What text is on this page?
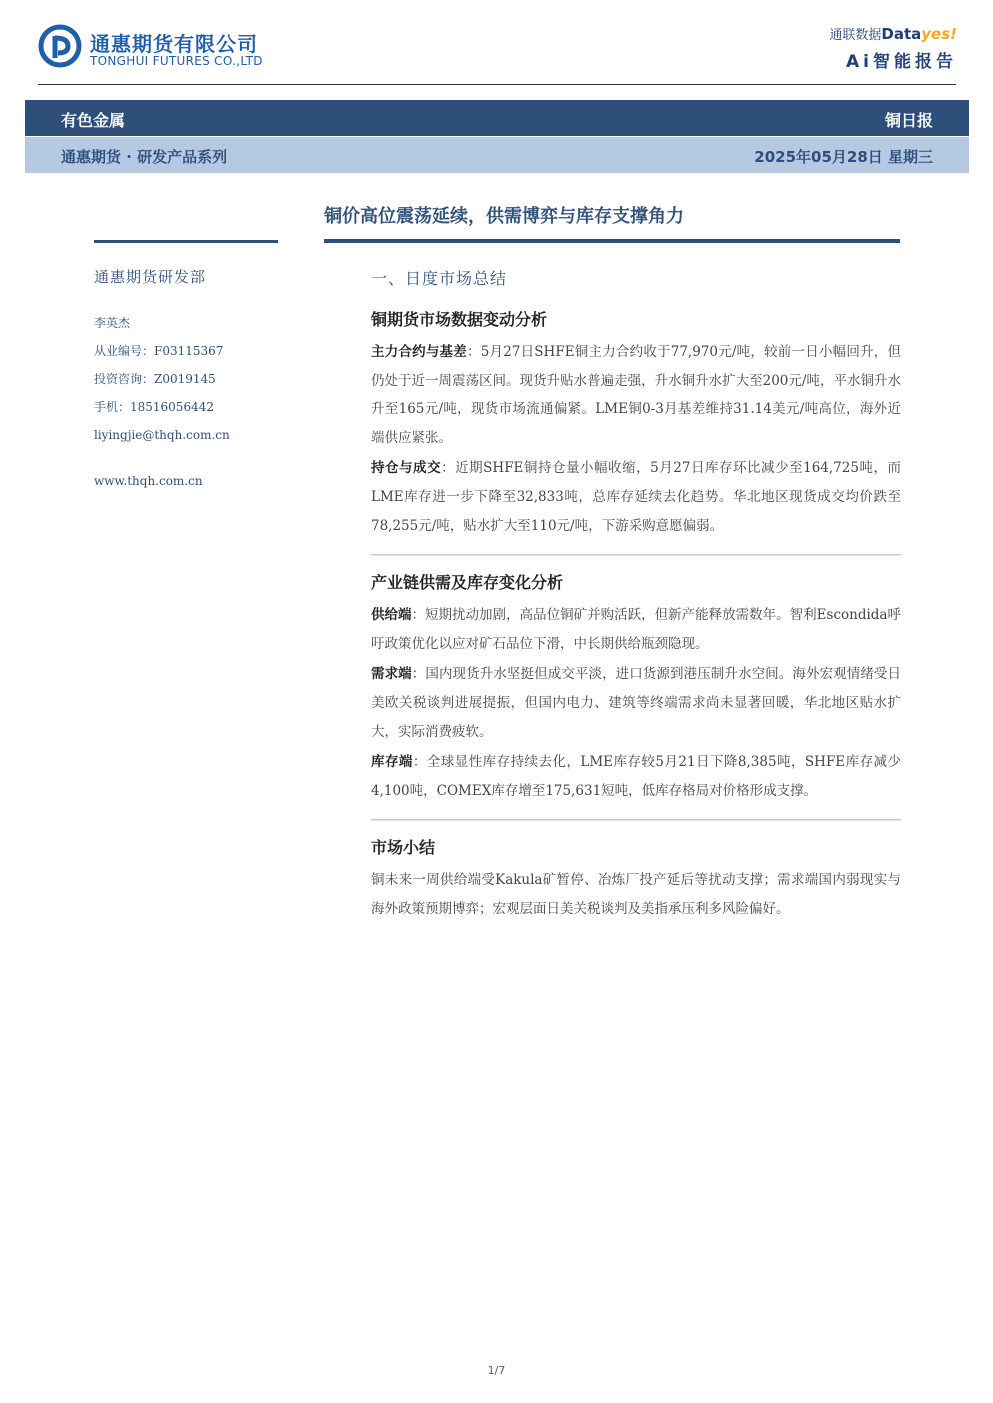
通惠期货有限公司
TONGHUI FUTURES CO.,LTD
通联数据Datayes!
Ai智能报告
有色金属	铜日报
通惠期货 · 研发产品系列	2025年05月28日 星期三
铜价高位震荡延续，供需博弈与库存支撑角力
通惠期货研发部
李英杰
从业编号：F03115367
投资咨询：Z0019145
手机：18516056442
liyingjie@thqh.com.cn
www.thqh.com.cn
一、日度市场总结
铜期货市场数据变动分析

主力合约与基差：5月27日SHFE铜主力合约收于77,970元/吨，较前一日小幅回升，但仍处于近一周震荡区间。现货升贴水普遍走强，升水铜升水扩大至200元/吨，平水铜升水升至165元/吨，现货市场流通偏紧。LME铜0-3月基差维持31.14美元/吨高位，海外近端供应紧张。

持仓与成交：近期SHFE铜持仓量小幅收缩，5月27日库存环比减少至164,725吨，而LME库存进一步下降至32,833吨，总库存延续去化趋势。华北地区现货成交均价跌至78,255元/吨，贴水扩大至110元/吨，下游采购意愿偏弱。

产业链供需及库存变化分析

供给端：短期扰动加剧，高品位铜矿并购活跃，但新产能释放需数年。智利Escondida呼吁政策优化以应对矿石品位下滑，中长期供给瓶颈隐现。

需求端：国内现货升水坚挺但成交平淡，进口货源到港压制升水空间。海外宏观情绪受日美欧关税谈判进展提振，但国内电力、建筑等终端需求尚未显著回暖，华北地区贴水扩大，实际消费疲软。

库存端：全球显性库存持续去化，LME库存较5月21日下降8,385吨，SHFE库存减少4,100吨，COMEX库存增至175,631短吨，低库存格局对价格形成支撑。

市场小结

铜未来一周供给端受Kakula矿暂停、冶炼厂投产延后等扰动支撑；需求端国内弱现实与海外政策预期博弈；宏观层面日美关税谈判及美指承压利多风险偏好。

1/7
